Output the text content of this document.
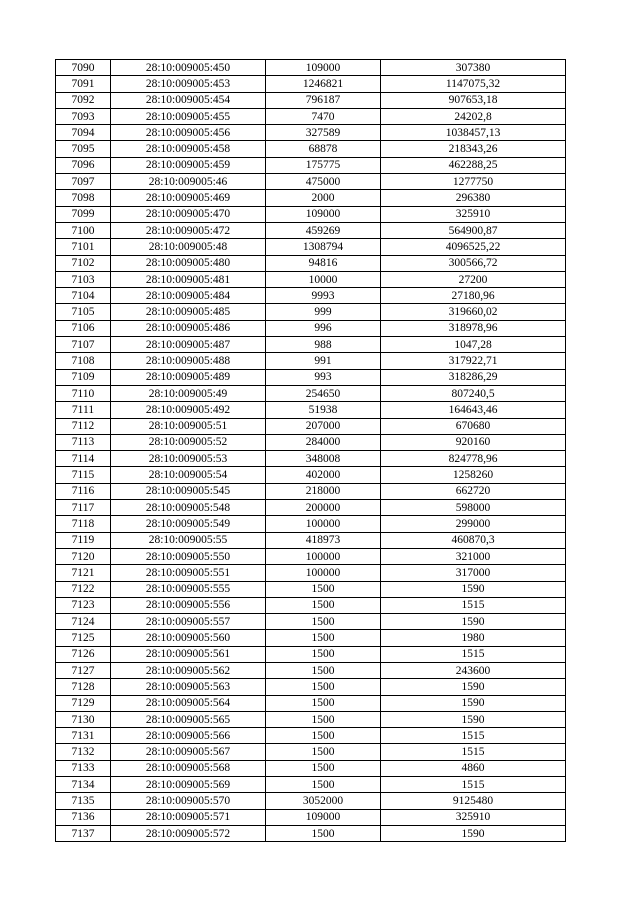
7090	28:10:009005:450	109000	307380
7091	28:10:009005:453	1246821	1147075,32
7092	28:10:009005:454	796187	907653,18
7093	28:10:009005:455	7470	24202,8
7094	28:10:009005:456	327589	1038457,13
7095	28:10:009005:458	68878	218343,26
7096	28:10:009005:459	175775	462288,25
7097	28:10:009005:46	475000	1277750
7098	28:10:009005:469	2000	296380
7099	28:10:009005:470	109000	325910
7100	28:10:009005:472	459269	564900,87
7101	28:10:009005:48	1308794	4096525,22
7102	28:10:009005:480	94816	300566,72
7103	28:10:009005:481	10000	27200
7104	28:10:009005:484	9993	27180,96
7105	28:10:009005:485	999	319660,02
7106	28:10:009005:486	996	318978,96
7107	28:10:009005:487	988	1047,28
7108	28:10:009005:488	991	317922,71
7109	28:10:009005:489	993	318286,29
7110	28:10:009005:49	254650	807240,5
7111	28:10:009005:492	51938	164643,46
7112	28:10:009005:51	207000	670680
7113	28:10:009005:52	284000	920160
7114	28:10:009005:53	348008	824778,96
7115	28:10:009005:54	402000	1258260
7116	28:10:009005:545	218000	662720
7117	28:10:009005:548	200000	598000
7118	28:10:009005:549	100000	299000
7119	28:10:009005:55	418973	460870,3
7120	28:10:009005:550	100000	321000
7121	28:10:009005:551	100000	317000
7122	28:10:009005:555	1500	1590
7123	28:10:009005:556	1500	1515
7124	28:10:009005:557	1500	1590
7125	28:10:009005:560	1500	1980
7126	28:10:009005:561	1500	1515
7127	28:10:009005:562	1500	243600
7128	28:10:009005:563	1500	1590
7129	28:10:009005:564	1500	1590
7130	28:10:009005:565	1500	1590
7131	28:10:009005:566	1500	1515
7132	28:10:009005:567	1500	1515
7133	28:10:009005:568	1500	4860
7134	28:10:009005:569	1500	1515
7135	28:10:009005:570	3052000	9125480
7136	28:10:009005:571	109000	325910
7137	28:10:009005:572	1500	1590
